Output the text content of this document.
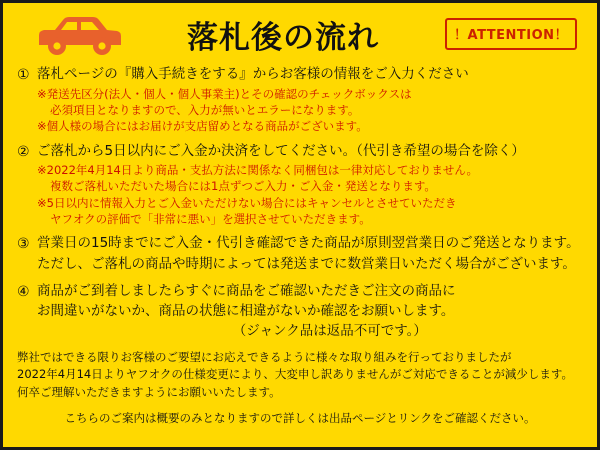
落札後の流れ	！ATTENTION！
① 落札ページの『購入手続きをする』からお客様の情報をご入力ください
※発送先区分(法人・個人・個人事業主)とその確認のチェックボックスは
必須項目となりますので、入力が無いとエラーになります。
※個人様の場合にはお届けが支店留めとなる商品がございます。
② ご落札から5日以内にご入金か決済をしてください。（代引き希望の場合を除く）
※2022年4月14日より商品・支払方法に関係なく同梱包は一律対応しておりません。
複数ご落札いただいた場合には1点ずつご入力・ご入金・発送となります。
※5日以内に情報入力とご入金いただけない場合にはキャンセルとさせていただき
ヤフオクの評価で「非常に悪い」を選択させていただきます。
③ 営業日の15時までにご入金・代引き確認できた商品が原則翌営業日のご発送となります。
ただし、ご落札の商品や時期によっては発送までに数営業日いただく場合がございます。
④ 商品がご到着しましたらすぐに商品をご確認いただきご注文の商品に
お間違いがないか、商品の状態に相違がないか確認をお願いします。
　　　　　　　　　　　　　　　（ジャンク品は返品不可です。）
弊社ではできる限りお客様のご要望にお応えできるように様々な取り組みを行っておりましたが
2022年4月14日よりヤフオクの仕様変更により、大変申し訳ありませんがご対応できることが減少します。
何卒ご理解いただきますようにお願いいたします。
こちらのご案内は概要のみとなりますので詳しくは出品ページとリンクをご確認ください。
